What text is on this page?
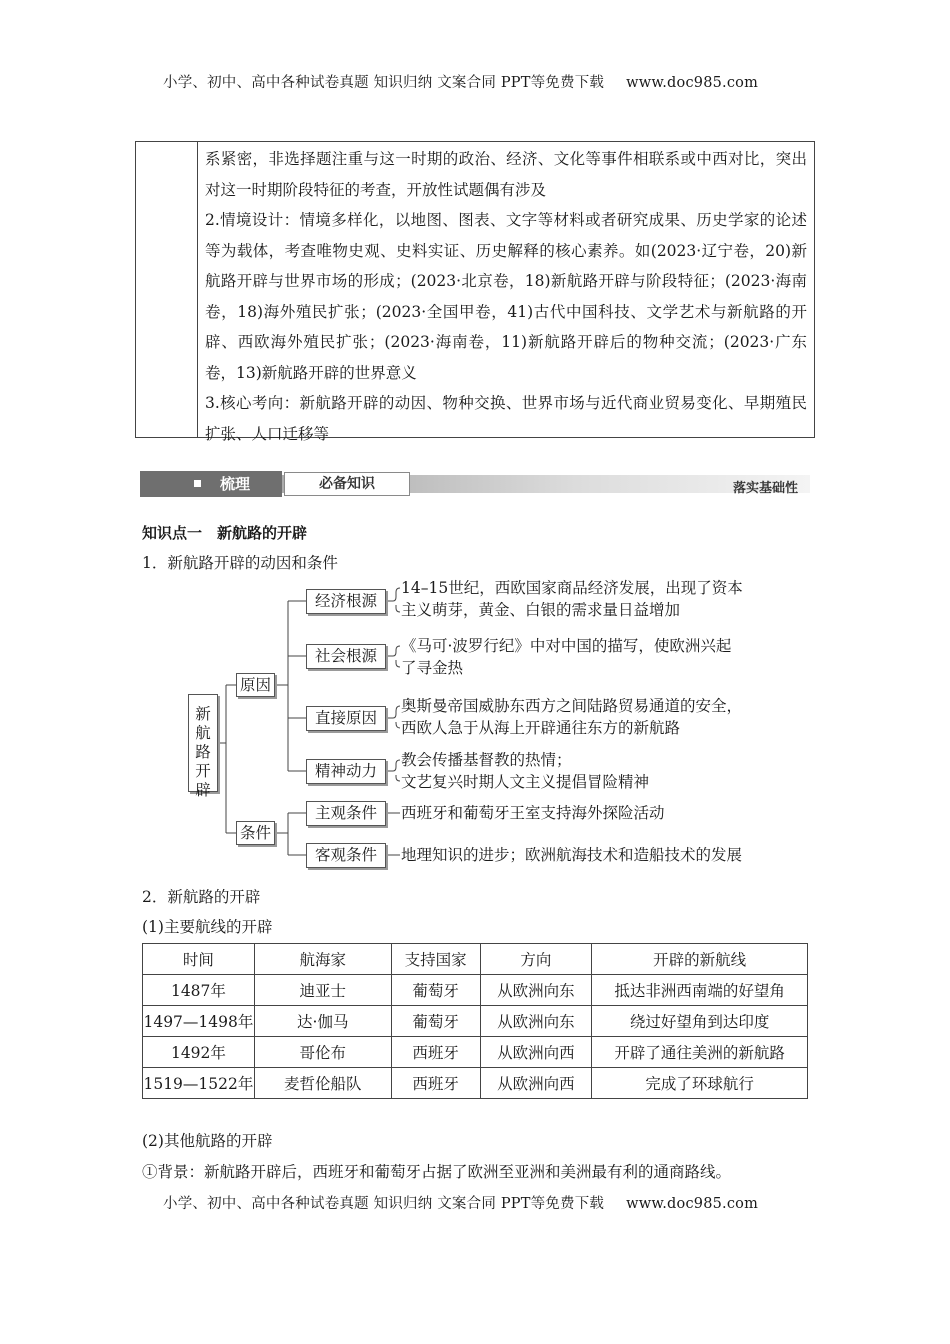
小学、初中、高中各种试卷真题 知识归纳 文案合同 PPT等免费下载 www.doc985.com

系紧密，非选择题注重与这一时期的政治、经济、文化等事件相联系或中西对比，突出对这一时期阶段特征的考查，开放性试题偶有涉及

2.情境设计：情境多样化，以地图、图表、文字等材料或者研究成果、历史学家的论述等为载体，考查唯物史观、史料实证、历史解释的核心素养。如(2023·辽宁卷，20)新航路开辟与世界市场的形成；(2023·北京卷，18)新航路开辟与阶段特征；(2023·海南卷，18)海外殖民扩张；(2023·全国甲卷，41)古代中国科技、文学艺术与新航路的开辟、西欧海外殖民扩张；(2023·海南卷，11)新航路开辟后的物种交流；(2023·广东卷，13)新航路开辟的世界意义

3.核心考向：新航路开辟的动因、物种交换、世界市场与近代商业贸易变化、早期殖民扩张、人口迁移等

梳理	必备知识	落实基础性
知识点一　新航路的开辟
1．新航路开辟的动因和条件
新航路开辟
原因
条件
经济根源
社会根源
直接原因
精神动力
主观条件
客观条件
14–15世纪，西欧国家商品经济发展，出现了资本
主义萌芽，黄金、白银的需求量日益增加
《马可·波罗行纪》中对中国的描写，使欧洲兴起
了寻金热
奥斯曼帝国威胁东西方之间陆路贸易通道的安全，
西欧人急于从海上开辟通往东方的新航路
教会传播基督教的热情；
文艺复兴时期人文主义提倡冒险精神
西班牙和葡萄牙王室支持海外探险活动
地理知识的进步；欧洲航海技术和造船技术的发展
2．新航路的开辟
(1)主要航线的开辟
时间	航海家	支持国家	方向	开辟的新航线
1487年	迪亚士	葡萄牙	从欧洲向东	抵达非洲西南端的好望角
1497—1498年	达·伽马	葡萄牙	从欧洲向东	绕过好望角到达印度
1492年	哥伦布	西班牙	从欧洲向西	开辟了通往美洲的新航路
1519—1522年	麦哲伦船队	西班牙	从欧洲向西	完成了环球航行
(2)其他航路的开辟
①背景：新航路开辟后，西班牙和葡萄牙占据了欧洲至亚洲和美洲最有利的通商路线。
小学、初中、高中各种试卷真题 知识归纳 文案合同 PPT等免费下载 www.doc985.com
